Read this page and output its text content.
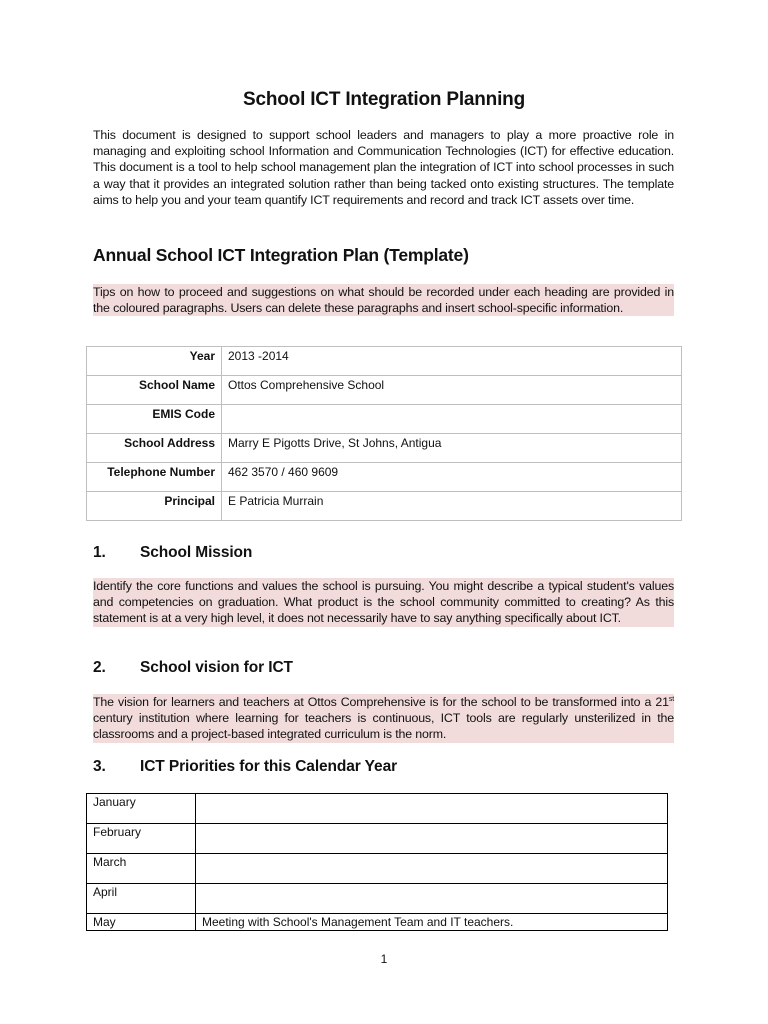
School ICT Integration Planning
This document is designed to support school leaders and managers to play a more proactive role in managing and exploiting school Information and Communication Technologies (ICT) for effective education. This document is a tool to help school management plan the integration of ICT into school processes in such a way that it provides an integrated solution rather than being tacked onto existing structures. The template aims to help you and your team quantify ICT requirements and record and track ICT assets over time.
Annual School ICT Integration Plan (Template)
Tips on how to proceed and suggestions on what should be recorded under each heading are provided in the coloured paragraphs. Users can delete these paragraphs and insert school-specific information.
Year	2013 -2014
School Name	Ottos Comprehensive School
EMIS Code	
School Address	Marry E Pigotts Drive, St Johns, Antigua
Telephone Number	462 3570 / 460 9609
Principal	E Patricia Murrain
1. School Mission
Identify the core functions and values the school is pursuing. You might describe a typical student's values and competencies on graduation. What product is the school community committed to creating? As this statement is at a very high level, it does not necessarily have to say anything specifically about ICT.
2. School vision for ICT
The vision for learners and teachers at Ottos Comprehensive is for the school to be transformed into a 21st century institution where learning for teachers is continuous, ICT tools are regularly unsterilized in the classrooms and a project-based integrated curriculum is the norm.
3. ICT Priorities for this Calendar Year
January	
February	
March	
April	
May	Meeting with School's Management Team and IT teachers.
1
